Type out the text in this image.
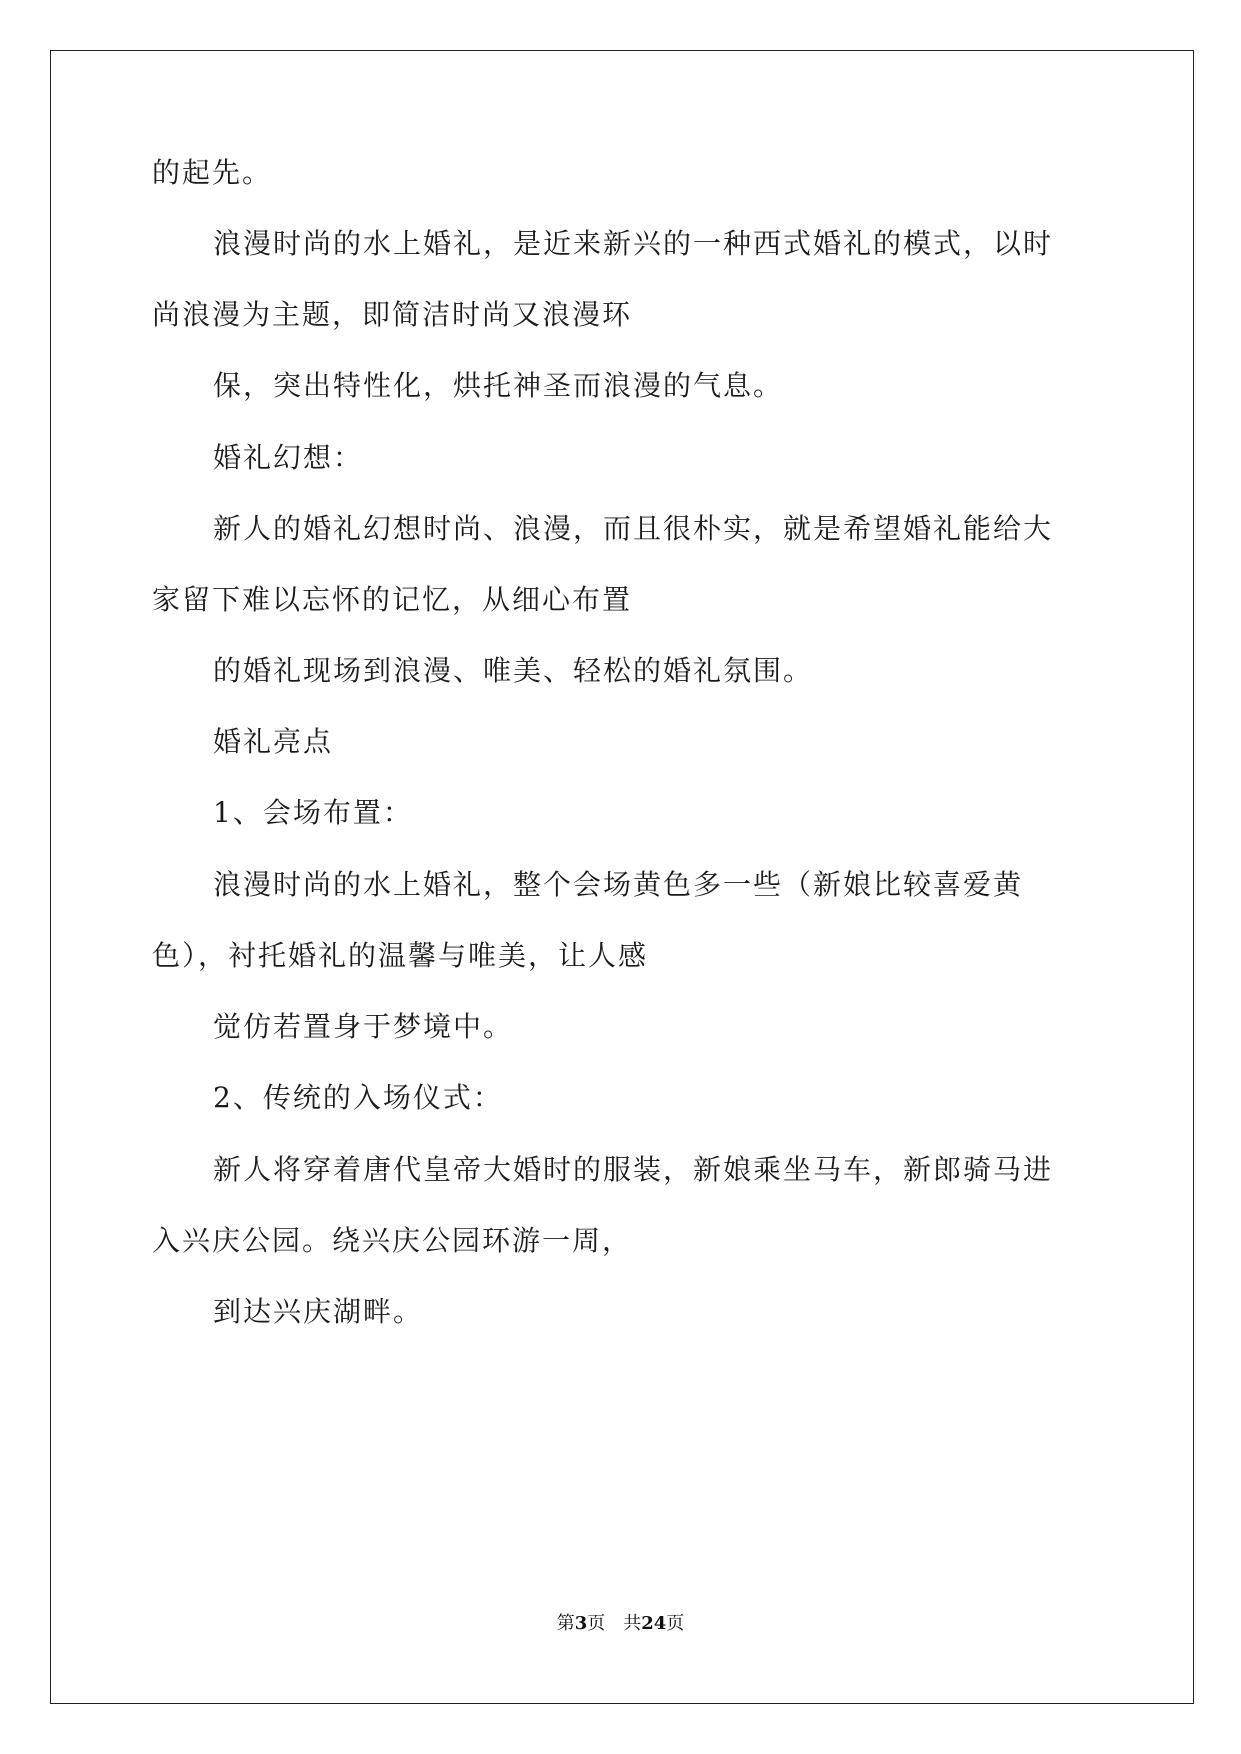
的起先。

浪漫时尚的水上婚礼，是近来新兴的一种西式婚礼的模式，以时

尚浪漫为主题，即简洁时尚又浪漫环

保，突出特性化，烘托神圣而浪漫的气息。

婚礼幻想：

新人的婚礼幻想时尚、浪漫，而且很朴实，就是希望婚礼能给大

家留下难以忘怀的记忆，从细心布置

的婚礼现场到浪漫、唯美、轻松的婚礼氛围。

婚礼亮点

1、会场布置：

浪漫时尚的水上婚礼，整个会场黄色多一些（新娘比较喜爱黄

色），衬托婚礼的温馨与唯美，让人感

觉仿若置身于梦境中。

2、传统的入场仪式：

新人将穿着唐代皇帝大婚时的服装，新娘乘坐马车，新郎骑马进

入兴庆公园。绕兴庆公园环游一周，

到达兴庆湖畔。

第3页 共24页
